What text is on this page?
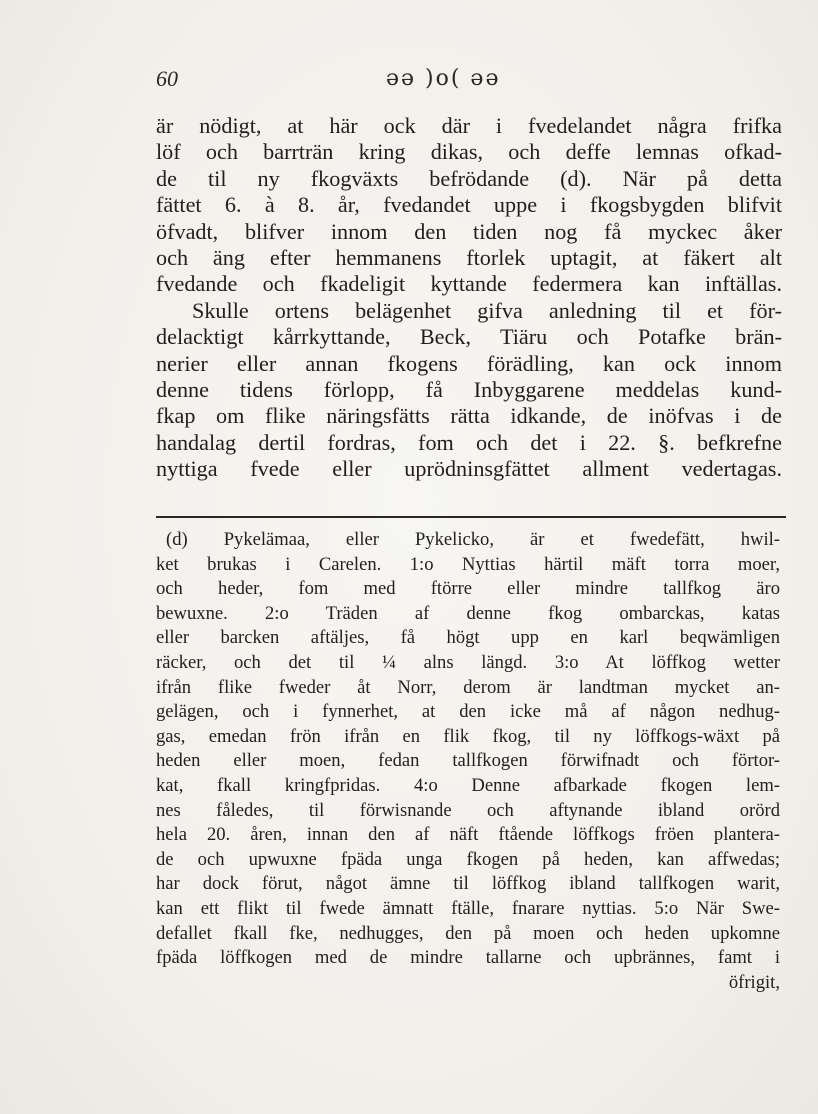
60	ǝǝ )o( ǝǝ
är nödigt, at här ock där i fvedelandet några frifka
löf och barrträn kring dikas, och deffe lemnas ofkad-
de til ny fkogväxts befrödande (d). När på detta
fättet 6. à 8. år, fvedandet uppe i fkogsbygden blifvit
öfvadt, blifver innom den tiden nog få myckec åker
och äng efter hemmanens ftorlek uptagit, at fäkert alt
fvedande och fkadeligit kyttande federmera kan inftällas.
Skulle ortens belägenhet gifva anledning til et för-
delacktigt kårrkyttande, Beck, Tiäru och Potafke brän-
nerier eller annan fkogens förädling, kan ock innom
denne tidens förlopp, få Inbyggarene meddelas kund-
fkap om flike näringsfätts rätta idkande, de inöfvas i de
handalag dertil fordras, fom och det i 22. §. befkrefne
nyttiga fvede eller uprödninsgfättet allment vedertagas.
(d) Pykelämaa, eller Pykelicko, är et fwedefätt, hwil-
ket brukas i Carelen. 1:o Nyttias härtil mäft torra moer,
och heder, fom med ftörre eller mindre tallfkog äro
bewuxne. 2:o Träden af denne fkog ombarckas, katas
eller barcken aftäljes, få högt upp en karl beqwämligen
räcker, och det til ¼ alns längd. 3:o At löffkog wetter
ifrån flike fweder åt Norr, derom är landtman mycket an-
gelägen, och i fynnerhet, at den icke må af någon nedhug-
gas, emedan frön ifrån en flik fkog, til ny löffkogs-wäxt på
heden eller moen, fedan tallfkogen förwifnadt och förtor-
kat, fkall kringfpridas. 4:o Denne afbarkade fkogen lem-
nes fåledes, til förwisnande och aftynande ibland orörd
hela 20. åren, innan den af näft ftående löffkogs fröen plantera-
de och upwuxne fpäda unga fkogen på heden, kan affwedas;
har dock förut, något ämne til löffkog ibland tallfkogen warit,
kan ett flikt til fwede ämnatt ftälle, fnarare nyttias. 5:o När Swe-
defallet fkall fke, nedhugges, den på moen och heden upkomne
fpäda löffkogen med de mindre tallarne och upbrännes, famt i
öfrigit,
